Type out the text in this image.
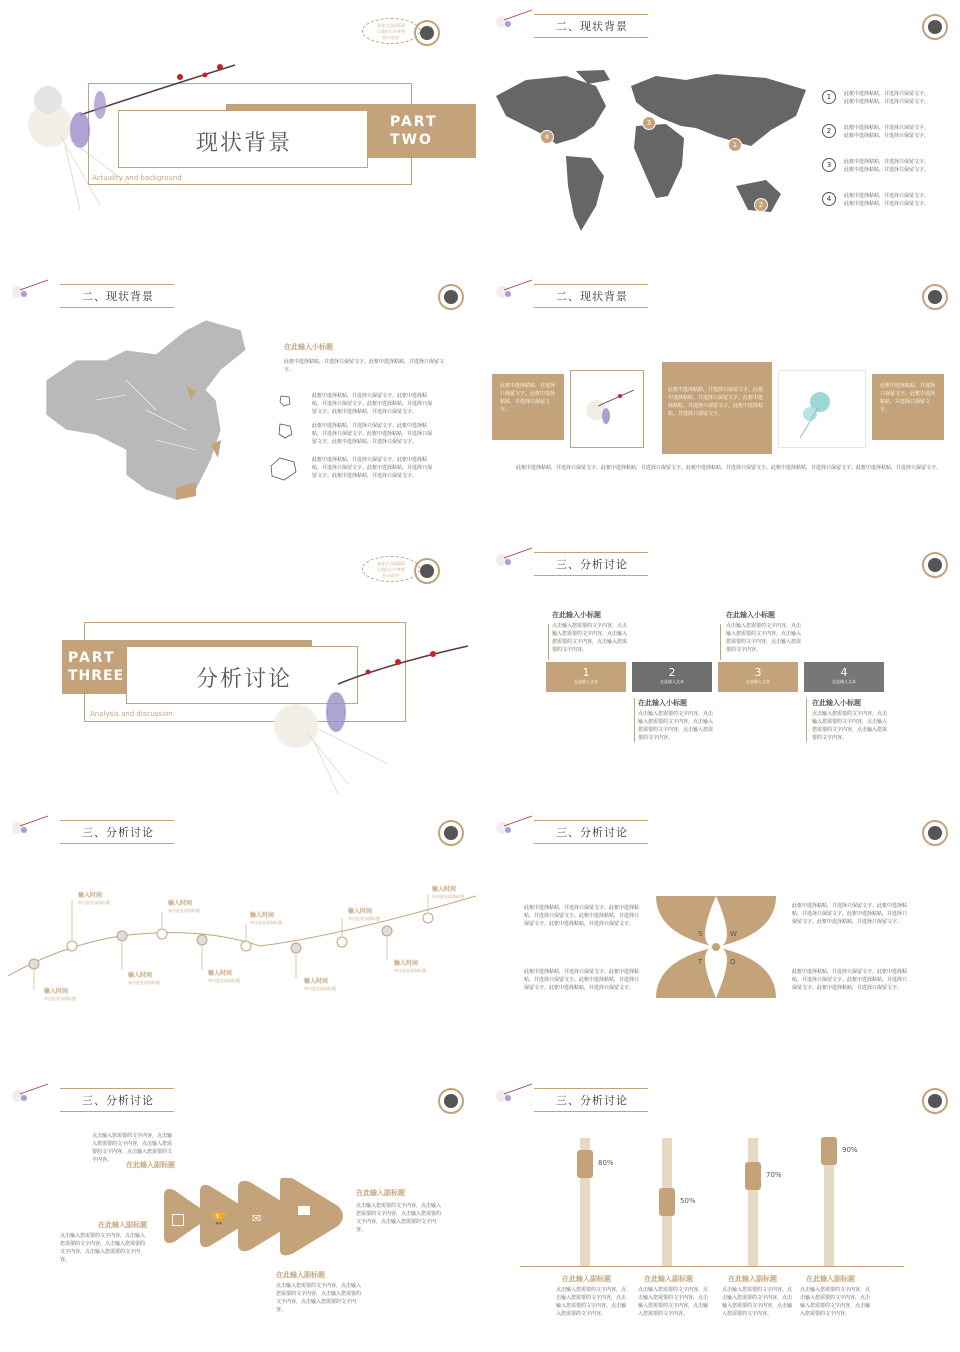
星星点点LOGO
让我们心中梦想
努力成功!
现状背景
PART
TWO
Actuality and background
二、现状背景
4
3
1
2
1	此框中选择粘贴，并选择只保留文字。
此框中选择粘贴，并选择只保留文字。
2	此框中选择粘贴，并选择只保留文字。
此框中选择粘贴，并选择只保留文字。
3	此框中选择粘贴，并选择只保留文字。
此框中选择粘贴，并选择只保留文字。
4	此框中选择粘贴，并选择只保留文字。
此框中选择粘贴，并选择只保留文字。
二、现状背景
在此输入小标题
此框中选择粘贴，并选择只保留文字。此框中选择粘贴，并选择只保留文字。
此框中选择粘贴，并选择只保留文字。此框中选择粘贴，并选择只保留文字。此框中选择粘贴，并选择只保留文字。此框中选择粘贴，并选择只保留文字。
此框中选择粘贴，并选择只保留文字。此框中选择粘贴，并选择只保留文字。此框中选择粘贴，并选择只保留文字。此框中选择粘贴，并选择只保留文字。
此框中选择粘贴，并选择只保留文字。此框中选择粘贴，并选择只保留文字。此框中选择粘贴，并选择只保留文字。此框中选择粘贴，并选择只保留文字。
二、现状背景
此框中选择粘贴，并选择只保留文字。此框中选择粘贴，并选择只保留文字。
此框中选择粘贴，并选择只保留文字。此框中选择粘贴，并选择只保留文字。此框中选择粘贴，并选择只保留文字。此框中选择粘贴，并选择只保留文字。
此框中选择粘贴，并选择只保留文字。此框中选择粘贴，并选择只保留文字。
此框中选择粘贴，并选择只保留文字。此框中选择粘贴，并选择只保留文字。此框中选择粘贴，并选择只保留文字。此框中选择粘贴，并选择只保留文字。此框中选择粘贴，并选择只保留文字。
星星点点LOGO
让我们心中梦想
努力成功!
PART
THREE	分析讨论
Analysis and discussion
三、分析讨论
在此输入小标题
点击输入您需要的文字内容，点击输入您需要的文字内容，点击输入您需要的文字内容，点击输入您需要的文字内容。
在此输入小标题
点击输入您需要的文字内容，点击输入您需要的文字内容，点击输入您需要的文字内容，点击输入您需要的文字内容。
1
在此输入文本
2
在此输入文本
3
在此输入文本
4
在此输入文本
在此输入小标题
点击输入您需要的文字内容，点击输入您需要的文字内容，点击输入您需要的文字内容，点击输入您需要的文字内容。
在此输入小标题
点击输入您需要的文字内容，点击输入您需要的文字内容，点击输入您需要的文字内容，点击输入您需要的文字内容。
三、分析讨论
输入时间
单击此处添加标题
输入时间
单击此处添加标题
输入时间
单击此处添加标题
输入时间
单击此处添加标题
输入时间
单击此处添加标题
输入时间
单击此处添加标题
输入时间
单击此处添加标题
输入时间
单击此处添加标题
输入时间
单击此处添加标题
输入时间
单击此处添加标题
三、分析讨论
S	W
T	O
此框中选择粘贴，并选择只保留文字。此框中选择粘贴，并选择只保留文字。此框中选择粘贴，并选择只保留文字。此框中选择粘贴，并选择只保留文字。
此框中选择粘贴，并选择只保留文字。此框中选择粘贴，并选择只保留文字。此框中选择粘贴，并选择只保留文字。此框中选择粘贴，并选择只保留文字。
此框中选择粘贴，并选择只保留文字。此框中选择粘贴，并选择只保留文字。此框中选择粘贴，并选择只保留文字。此框中选择粘贴，并选择只保留文字。
此框中选择粘贴，并选择只保留文字。此框中选择粘贴，并选择只保留文字。此框中选择粘贴，并选择只保留文字。此框中选择粘贴，并选择只保留文字。
三、分析讨论
点击输入您需要的文字内容，点击输入您需要的文字内容，点击输入您需要的文字内容，点击输入您需要的文字内容。
在此输入副标题
🏆 ✉
在此输入副标题
点击输入您需要的文字内容，点击输入您需要的文字内容，点击输入您需要的文字内容，点击输入您需要的文字内容。
在此输入副标题
点击输入您需要的文字内容，点击输入您需要的文字内容，点击输入您需要的文字内容，点击输入您需要的文字内容。
在此输入副标题
点击输入您需要的文字内容，点击输入您需要的文字内容，点击输入您需要的文字内容，点击输入您需要的文字内容。
三、分析讨论
80%
50%
70%
90%
在此输入副标题
点击输入您需要的文字内容，点击输入您需要的文字内容，点击输入您需要的文字内容，点击输入您需要的文字内容。
在此输入副标题
点击输入您需要的文字内容，点击输入您需要的文字内容，点击输入您需要的文字内容，点击输入您需要的文字内容。
在此输入副标题
点击输入您需要的文字内容，点击输入您需要的文字内容，点击输入您需要的文字内容，点击输入您需要的文字内容。
在此输入副标题
点击输入您需要的文字内容，点击输入您需要的文字内容，点击输入您需要的文字内容，点击输入您需要的文字内容。
